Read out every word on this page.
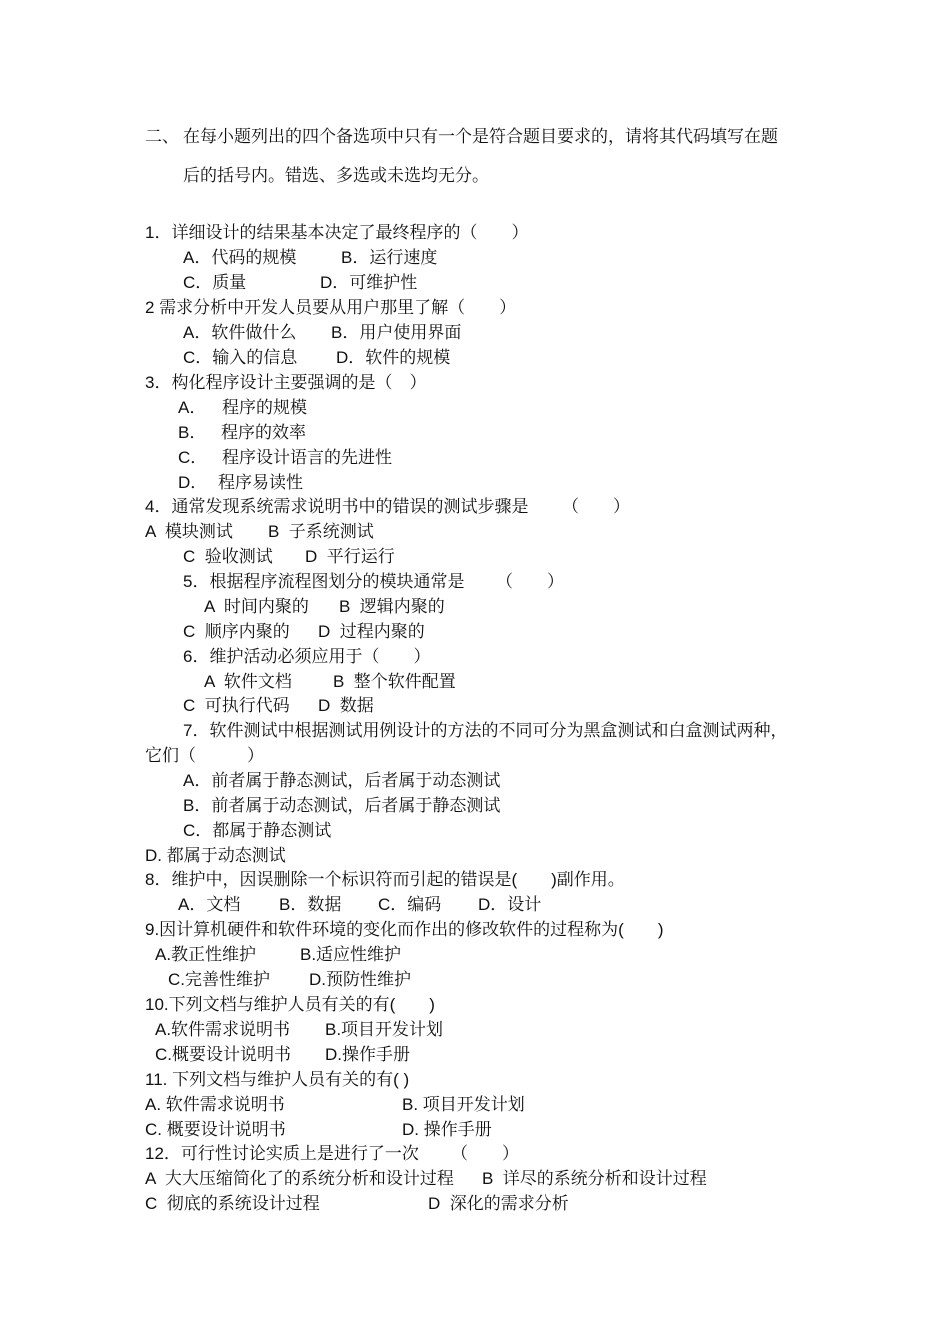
二、 在每小题列出的四个备选项中只有一个是符合题目要求的，请将其代码填写在题
后的括号内。错选、多选或未选均无分。
1．详细设计的结果基本决定了最终程序的（　　）
A．代码的规模	B．运行速度
C．质量	D．可维护性
2 需求分析中开发人员要从用户那里了解（　　）
A．软件做什么 B．用户使用界面
C．输入的信息 D．软件的规模
3．构化程序设计主要强调的是（　）
A． 程序的规模
B． 程序的效率
C． 程序设计语言的先进性
D． 程序易读性
4．通常发现系统需求说明书中的错误的测试步骤是 （　　）
A  模块测试 B  子系统测试
C  验收测试 D  平行运行
5．根据程序流程图划分的模块通常是 （　　）
A  时间内聚的 B  逻辑内聚的
C  顺序内聚的 D  过程内聚的
6．维护活动必须应用于（　　）
A  软件文档 B  整个软件配置
C  可执行代码 D  数据
7．软件测试中根据测试用例设计的方法的不同可分为黑盒测试和白盒测试两种，
它们（　　　）
A．前者属于静态测试，后者属于动态测试
B．前者属于动态测试，后者属于静态测试
C．都属于静态测试
D. 都属于动态测试
8．维护中，因误删除一个标识符而引起的错误是(　　)副作用。
A．文档 B．数据 C．编码 D．设计
9.因计算机硬件和软件环境的变化而作出的修改软件的过程称为(　　)
A.教正性维护	B.适应性维护
C.完善性维护 D.预防性维护
10.下列文档与维护人员有关的有(　　)
A.软件需求说明书 B.项目开发计划
C.概要设计说明书 D.操作手册
11. 下列文档与维护人员有关的有( )
A. 软件需求说明书	B. 项目开发计划
C. 概要设计说明书	D. 操作手册
12．可行性讨论实质上是进行了一次 （　　）
A  大大压缩简化了的系统分析和设计过程 B  详尽的系统分析和设计过程
C  彻底的系统设计过程	D  深化的需求分析
